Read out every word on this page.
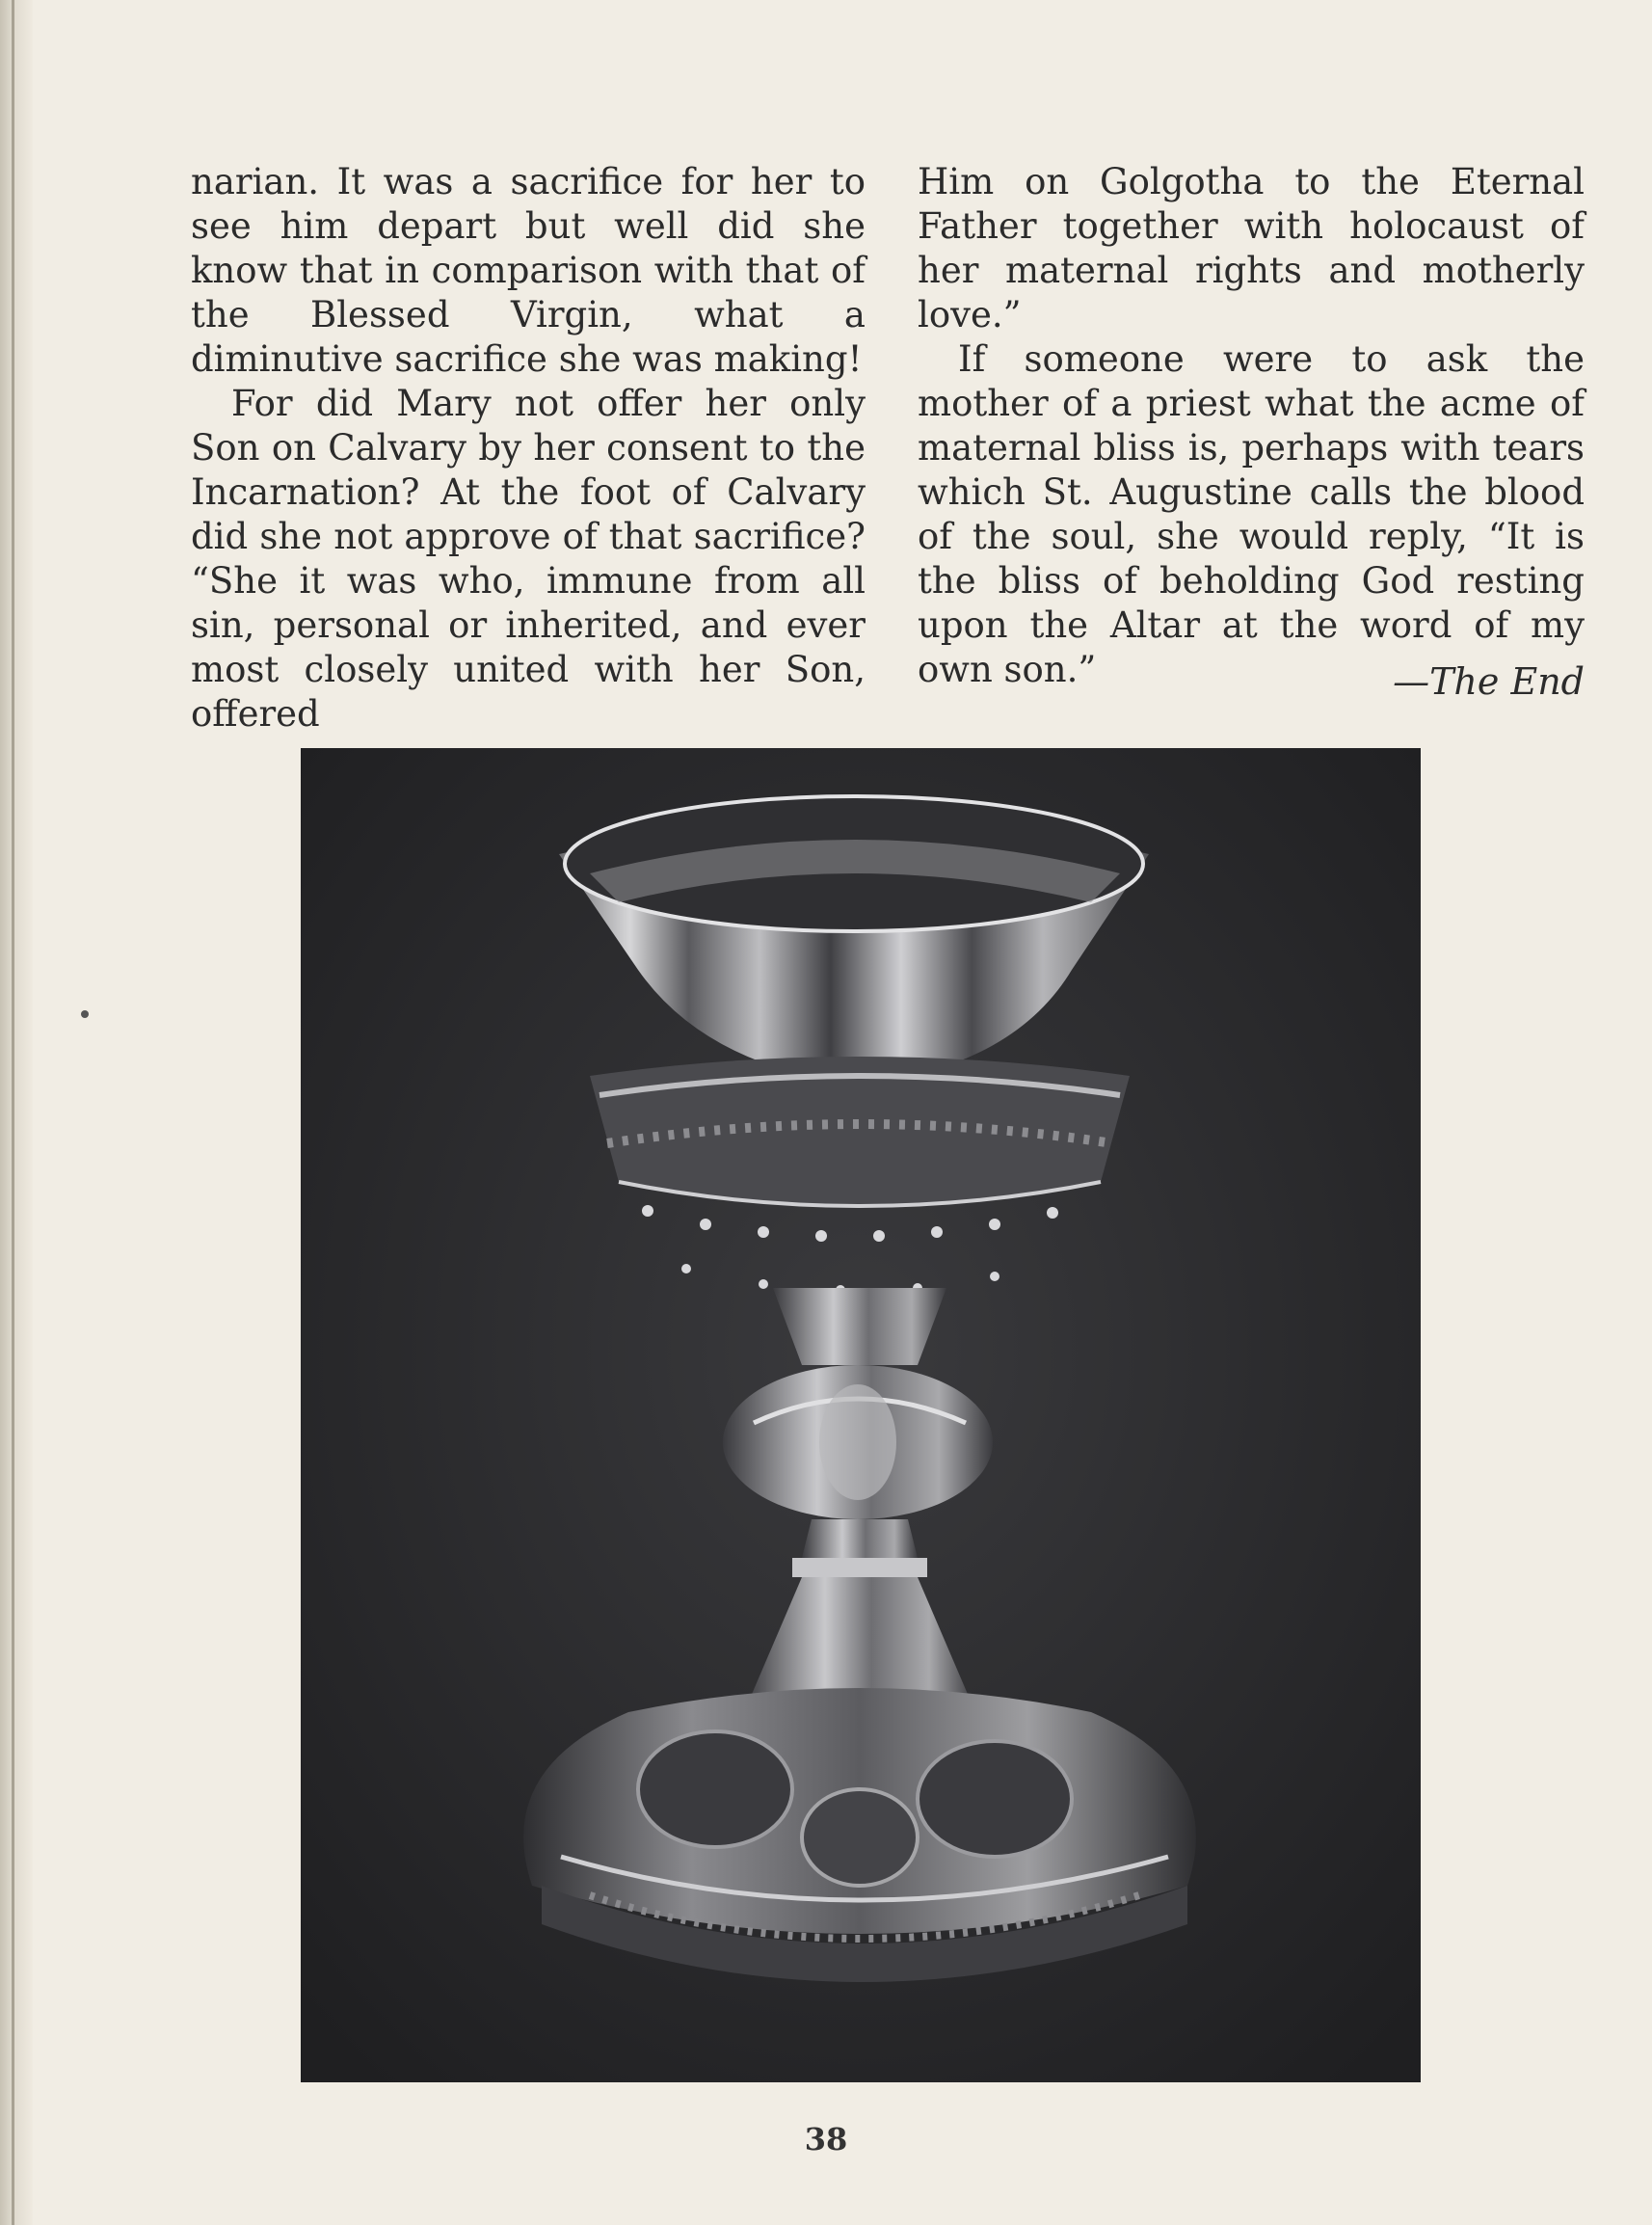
narian. It was a sacrifice for her to see him depart but well did she know that in comparison with that of the Blessed Virgin, what a diminutive sacrifice she was making!

For did Mary not offer her only Son on Calvary by her consent to the Incarnation? At the foot of Calvary did she not approve of that sacrifice? “She it was who, immune from all sin, personal or inherited, and ever most closely united with her Son, offered

Him on Golgotha to the Eternal Father together with holocaust of her maternal rights and motherly love.”

If someone were to ask the mother of a priest what the acme of maternal bliss is, perhaps with tears which St. Augustine calls the blood of the soul, she would reply, “It is the bliss of beholding God resting upon the Altar at the word of my own son.”	—The End
38
